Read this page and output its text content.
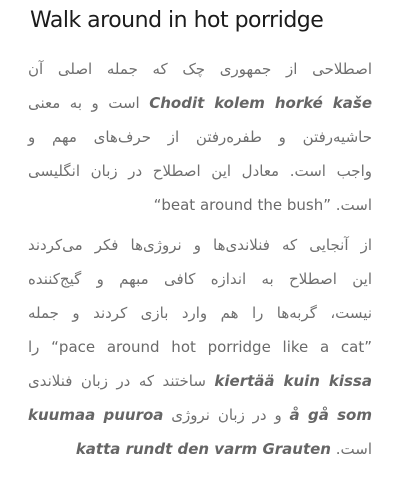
Walk around in hot porridge
اصطلاحی از جمهوری چک که جمله اصلی آن
Chodit kolem horké kaše است و به معنی
حاشیه‌رفتن و طفره‌رفتن از حرف‌های مهم و
واجب است. معادل این اصطلاح در زبان انگلیسی
است. “beat around the bush”
از آنجایی که فنلاندی‌ها و نروژی‌ها فکر می‌کردند
این اصطلاح به اندازه کافی مبهم و گیج‌کننده
نیست، گربه‌ها را هم وارد بازی کردند و جمله
“pace around hot porridge like a cat” را
kiertää kuin kissa ساختند که در زبان فنلاندی
å gå som و در زبان نروژی kuumaa puuroa
است. katta rundt den varm Grauten
